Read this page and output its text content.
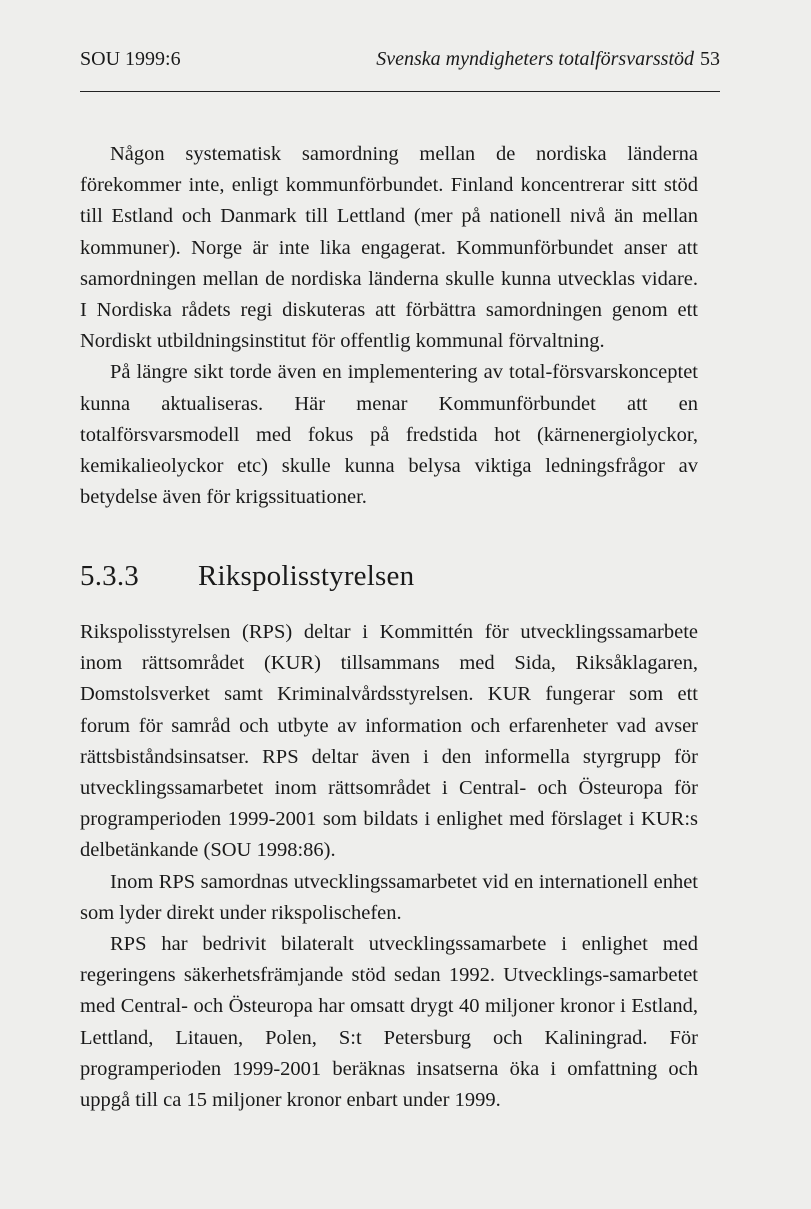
SOU 1999:6	Svenska myndigheters totalförsvarsstöd 53

Någon systematisk samordning mellan de nordiska länderna förekommer inte, enligt kommunförbundet. Finland koncentrerar sitt stöd till Estland och Danmark till Lettland (mer på nationell nivå än mellan kommuner). Norge är inte lika engagerat. Kommunförbundet anser att samordningen mellan de nordiska länderna skulle kunna utvecklas vidare. I Nordiska rådets regi diskuteras att förbättra samordningen genom ett Nordiskt utbildningsinstitut för offentlig kommunal förvaltning.

På längre sikt torde även en implementering av total-försvarskonceptet kunna aktualiseras. Här menar Kommunförbundet att en totalförsvarsmodell med fokus på fredstida hot (kärnenergiolyckor, kemikalieolyckor etc) skulle kunna belysa viktiga ledningsfrågor av betydelse även för krigssituationer.

5.3.3 Rikspolisstyrelsen

Rikspolisstyrelsen (RPS) deltar i Kommittén för utvecklingssamarbete inom rättsområdet (KUR) tillsammans med Sida, Riksåklagaren, Domstolsverket samt Kriminalvårdsstyrelsen. KUR fungerar som ett forum för samråd och utbyte av information och erfarenheter vad avser rättsbiståndsinsatser. RPS deltar även i den informella styrgrupp för utvecklingssamarbetet inom rättsområdet i Central- och Östeuropa för programperioden 1999-2001 som bildats i enlighet med förslaget i KUR:s delbetänkande (SOU 1998:86).

Inom RPS samordnas utvecklingssamarbetet vid en internationell enhet som lyder direkt under rikspolischefen.

RPS har bedrivit bilateralt utvecklingssamarbete i enlighet med regeringens säkerhetsfrämjande stöd sedan 1992. Utvecklings-samarbetet med Central- och Östeuropa har omsatt drygt 40 miljoner kronor i Estland, Lettland, Litauen, Polen, S:t Petersburg och Kaliningrad. För programperioden 1999-2001 beräknas insatserna öka i omfattning och uppgå till ca 15 miljoner kronor enbart under 1999.
